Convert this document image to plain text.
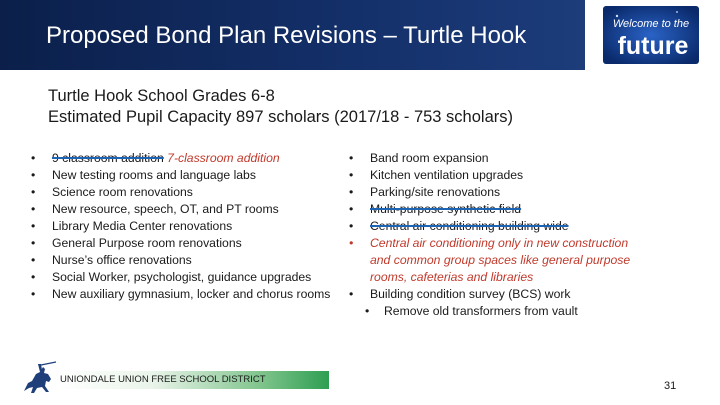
Proposed Bond Plan Revisions – Turtle Hook	Welcome to the
future
Turtle Hook School Grades 6-8
Estimated Pupil Capacity 897 scholars (2017/18 - 753 scholars)
• 9 classroom addition 7-classroom addition
• New testing rooms and language labs
• Science room renovations
• New resource, speech, OT, and PT rooms
• Library Media Center renovations
• General Purpose room renovations
• Nurse’s office renovations
• Social Worker, psychologist, guidance upgrades
• New auxiliary gymnasium, locker and chorus rooms
• Band room expansion
• Kitchen ventilation upgrades
• Parking/site renovations
• Multi-purpose synthetic field
• Central air conditioning building wide
• Central air conditioning only in new construction and common group spaces like general purpose rooms, cafeterias and libraries
• Building condition survey (BCS) work
• Remove old transformers from vault
UNIONDALE UNION FREE SCHOOL DISTRICT
31
